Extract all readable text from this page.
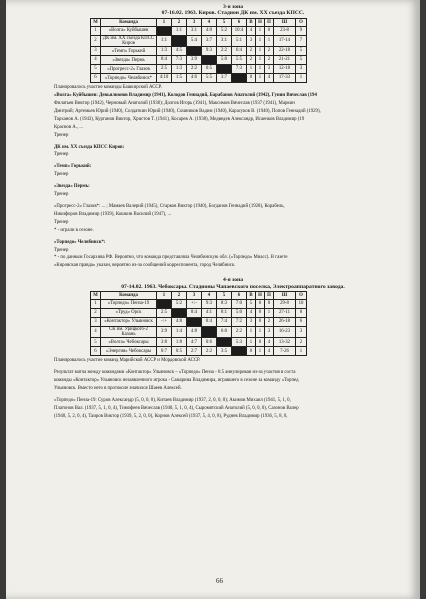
3-я зона
07-16.02. 1963. Киров. Стадион ДК им. ХХ съезда КПСС.
М	Команда	1	2	3	4	5	6	В	Н	П	Ш	О
1	«Волга» Куйбышев		1:1	3:1	4:0	5:2	10:4	4	1	0	23-8	9
2	ДК им. ХХ съезда КПСС Киров	1:1		5:4	3:7	3:1	5:1	3	1	1	17-14	7
3	«Темп» Горький	1:3	4:5		9:3	2:2	6:4	2	1	2	22-18	5
4	«Звезда» Пермь	0:4	7:3	3:9		5:0	5:5	2	1	2	21-21	5
5	«Прогресс-2» Глазов	2:5	1:3	2:2	0:5		7:3	1	1	3	12-18	3
6	«Торпедо» Челябинск*	4:10	1:5	4:6	5:5	3:7		0	1	4	17-33	1

Планировалось участие команды Башкирской АССР.

«Волга» Куйбышев: Девьялионов Владимир (1941), Колодов Геннадий, Барабанов Анатолий (1942), Гунин Вячеслав (194

Филатьев Виктор (1942), Черновый Анатолий (1938); Долгов Игорь (1941), Максимов Вячеслав (1937 (1941), Маркин

Дмитрий; Артемьев Юрий (1940), Солдаткин Юрий (1940), Сошников Вадим (1940), Карасуков В. (1940), Попов Геннадий (1929),

Тарханов А. (1943), Курганов Виктор, Христов Т. (1941), Косарев А. (1938), Медведев Александр, Исаенков Владимир (19

Краснов А., ...

Тренер

ДК им. ХХ съезда КПСС Киров:

Тренер

«Темп» Горький:

Тренер

«Звезда» Пермь:

Тренер

«Прогресс-2» Глазов*: ... ; Мамаев Валерий (1945), Старков Виктор (1940), Богданов Геннадий (1928), Корабель,

Никифоров Владимир (1939), Кошкин Василий (1947), ...

Тренер

* - играли в сезоне.

«Торпедо» Челябинск*:

Тренер

* - по данным Госархива РФ. Вероятно, что команда представляла Челябинскую обл. («Торпедо» Миасс). В газете

«Кировская правда» указан, вероятно из-за сообщений корреспонента, город Челябинск.

4-я зона
07-14.02. 1963. Чебоксары. Стадионы Чапаевского поселка, Электроаппаратного завода.
М	Команда	1	2	3	4	5	6	В	Н	П	Ш	О
1	«Торпедо» Пенза-19		5:2	+:-	9:3	8:3	7:0	5	0	0	29-8	10
2	«Труд» Орск	2:5		8:4	4:1	8:1	5:0	4	0	1	27-11	8
3	«Контактор» Ульяновск	-:+	4:8		8:4	7:4	7:2	3	0	2	26-18	6
4	СК им. Урицкого-2 Казань	3:9	1:4	4:8		6:0	2:2	1	1	3	16-23	3
5	«Волга» Чебоксары	3:8	1:8	4:7	0:6		5:3	1	0	4	13-32	2
6	«Энергия» Чебоксары	0:7	0:5	2:7	2:2	3:5		0	1	4	7-26	1

Планировалось участие команд Марийской АССР и Мордовской АССР.

Результат матча между командами «Контактор» Ульяновск – «Торпедо» Пенза - 6:5 аннулирован из-за участия в соста

команды «Контактор» Ульяновск незаявленного игрока - Самарина Владимира, игравшего в сезоне за команду «Торпед

Ульяновск. Вместо него в протоколе значился Шаеев Алексей.

«Торпедо» Пенза-19: Суров Александр (5, 0, 0, 0), Китаев Владимир (1937, 2, 0, 0, 0); Акимов Михаил (1941, 5, 1, 0,

Платонов Вал. (1937, 5, 1, 0, 4), Тимофеев Вячеслав (1940, 5, 1, 0, 4), Сыромятский Анатолий (5, 0, 0, 0), Сазонов Валер

(1940, 5, 2, 0, 4), Таиров Виктор (1939, 5, 2, 0, 0), Корнов Алексей (1937, 5, 4, 0, 8), Руднев Владимир (1936, 5, 8, 0,

66
